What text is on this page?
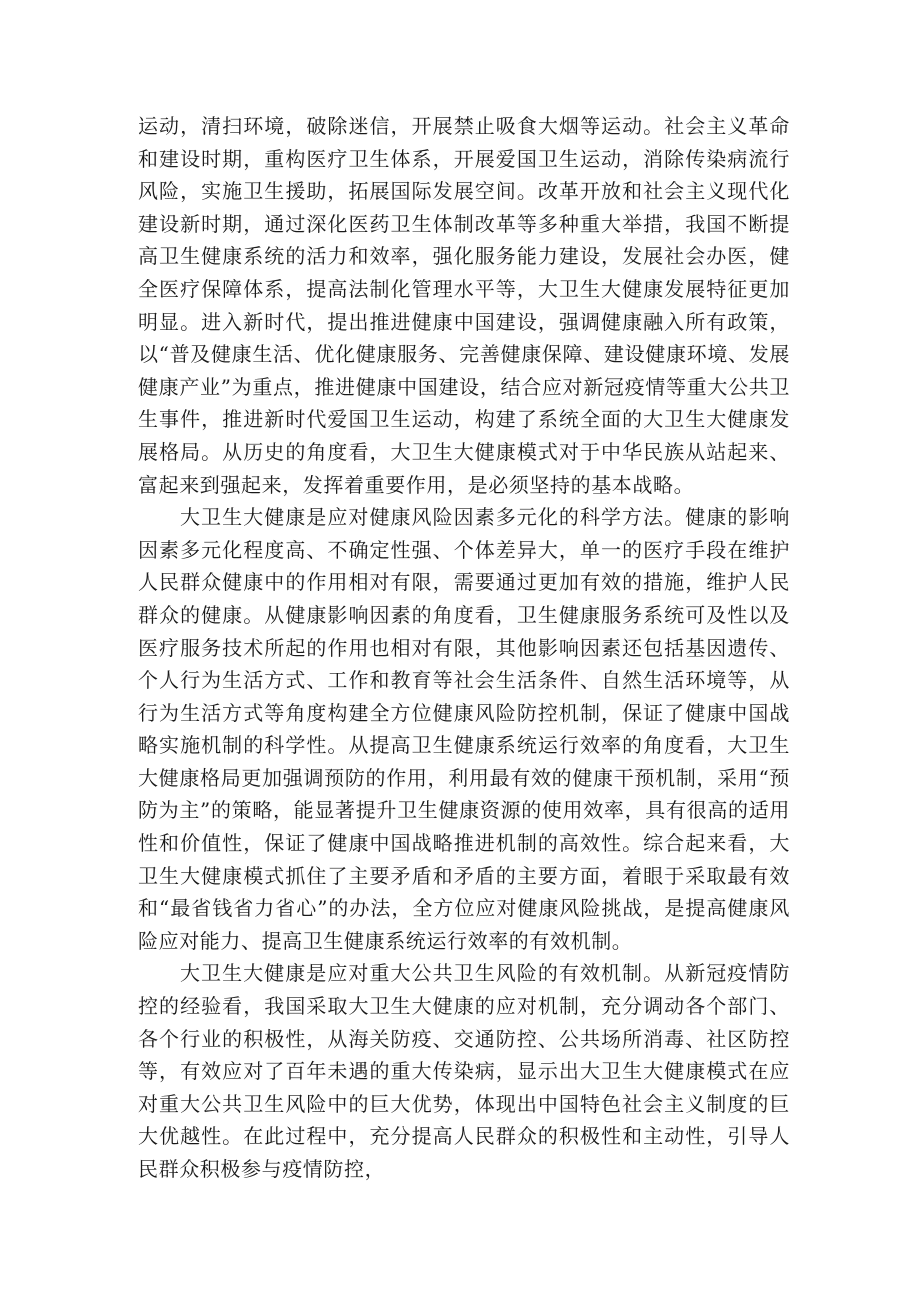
运动，清扫环境，破除迷信，开展禁止吸食大烟等运动。社会主义革命和建设时期，重构医疗卫生体系，开展爱国卫生运动，消除传染病流行风险，实施卫生援助，拓展国际发展空间。改革开放和社会主义现代化建设新时期，通过深化医药卫生体制改革等多种重大举措，我国不断提高卫生健康系统的活力和效率，强化服务能力建设，发展社会办医，健全医疗保障体系，提高法制化管理水平等，大卫生大健康发展特征更加明显。进入新时代，提出推进健康中国建设，强调健康融入所有政策，以“普及健康生活、优化健康服务、完善健康保障、建设健康环境、发展健康产业”为重点，推进健康中国建设，结合应对新冠疫情等重大公共卫生事件，推进新时代爱国卫生运动，构建了系统全面的大卫生大健康发展格局。从历史的角度看，大卫生大健康模式对于中华民族从站起来、富起来到强起来，发挥着重要作用，是必须坚持的基本战略。

大卫生大健康是应对健康风险因素多元化的科学方法。健康的影响因素多元化程度高、不确定性强、个体差异大，单一的医疗手段在维护人民群众健康中的作用相对有限，需要通过更加有效的措施，维护人民群众的健康。从健康影响因素的角度看，卫生健康服务系统可及性以及医疗服务技术所起的作用也相对有限，其他影响因素还包括基因遗传、个人行为生活方式、工作和教育等社会生活条件、自然生活环境等，从行为生活方式等角度构建全方位健康风险防控机制，保证了健康中国战略实施机制的科学性。从提高卫生健康系统运行效率的角度看，大卫生大健康格局更加强调预防的作用，利用最有效的健康干预机制，采用“预防为主”的策略，能显著提升卫生健康资源的使用效率，具有很高的适用性和价值性，保证了健康中国战略推进机制的高效性。综合起来看，大卫生大健康模式抓住了主要矛盾和矛盾的主要方面，着眼于采取最有效和“最省钱省力省心”的办法，全方位应对健康风险挑战，是提高健康风险应对能力、提高卫生健康系统运行效率的有效机制。

大卫生大健康是应对重大公共卫生风险的有效机制。从新冠疫情防控的经验看，我国采取大卫生大健康的应对机制，充分调动各个部门、各个行业的积极性，从海关防疫、交通防控、公共场所消毒、社区防控等，有效应对了百年未遇的重大传染病，显示出大卫生大健康模式在应对重大公共卫生风险中的巨大优势，体现出中国特色社会主义制度的巨大优越性。在此过程中，充分提高人民群众的积极性和主动性，引导人民群众积极参与疫情防控，
